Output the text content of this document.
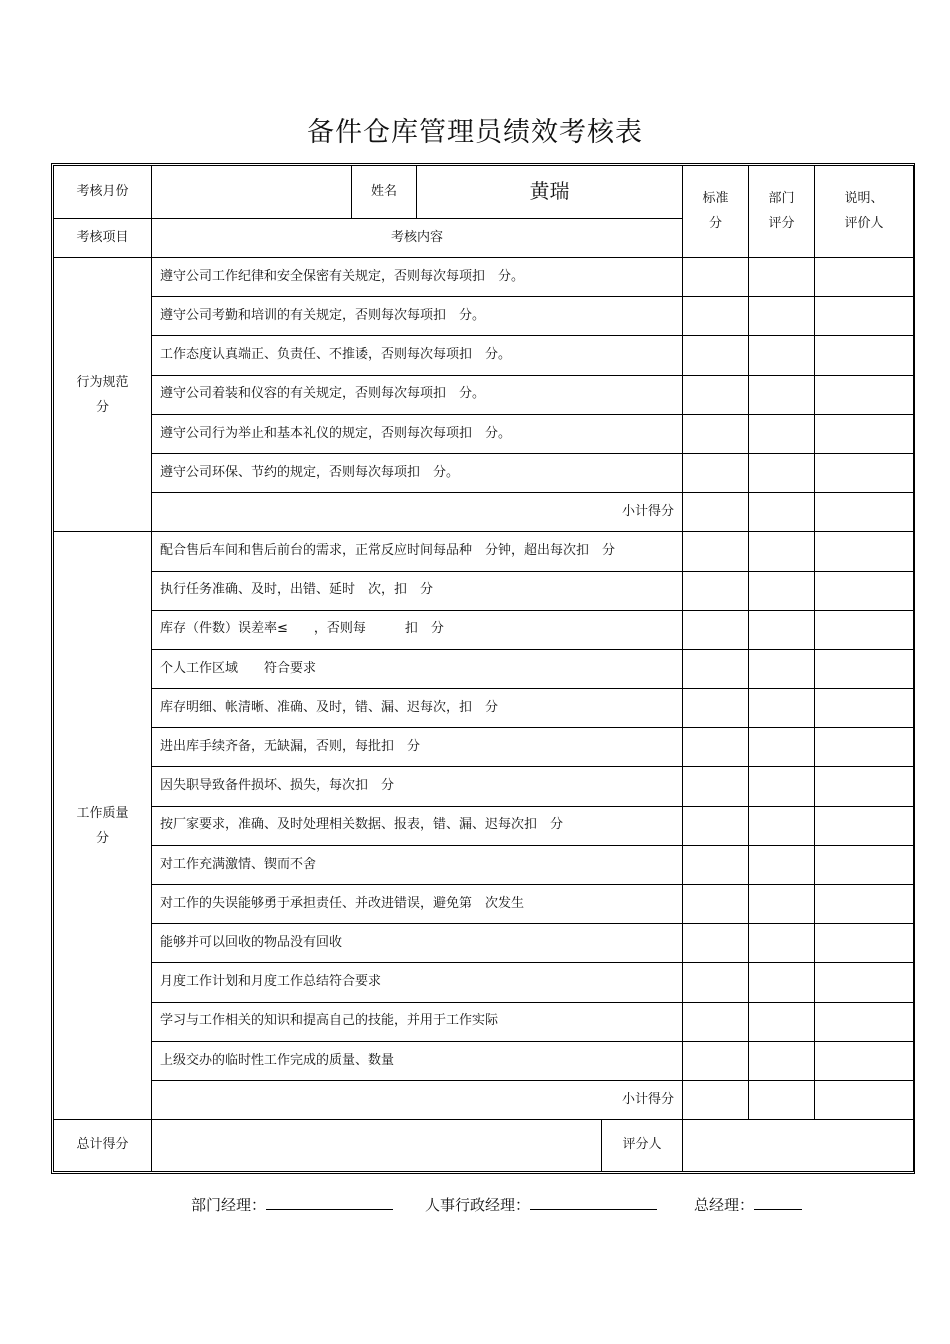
备件仓库管理员绩效考核表
考核月份		姓名	黄瑞		标准分	部门评分	说明、评价人
考核项目	考核内容						
行为规范分	遵守公司工作纪律和安全保密有关规定，否则每次每项扣　分。						
	遵守公司考勤和培训的有关规定，否则每次每项扣　分。						
	工作态度认真端正、负责任、不推诿，否则每次每项扣　分。						
	遵守公司着装和仪容的有关规定，否则每次每项扣　分。						
	遵守公司行为举止和基本礼仪的规定，否则每次每项扣　分。						
	遵守公司环保、节约的规定，否则每次每项扣　分。						
	小计得分						
工作质量分	配合售后车间和售后前台的需求，正常反应时间每品种　分钟，超出每次扣　分						
	执行任务准确、及时，出错、延时　次，扣　分						
	库存（件数）误差率≤　　，否则每　　　扣　分						
	个人工作区域　　符合要求						
	库存明细、帐清晰、准确、及时，错、漏、迟每次，扣　分						
	进出库手续齐备，无缺漏，否则，每批扣　分						
	因失职导致备件损坏、损失，每次扣　分						
	按厂家要求，准确、及时处理相关数据、报表，错、漏、迟每次扣　分						
	对工作充满激情、锲而不舍						
	对工作的失误能够勇于承担责任、并改进错误，避免第　次发生						
	能够并可以回收的物品没有回收						
	月度工作计划和月度工作总结符合要求						
	学习与工作相关的知识和提高自己的技能，并用于工作实际						
	上级交办的临时性工作完成的质量、数量						
	小计得分						
总计得分				评分人			
部门经理：	人事行政经理：	总经理：
